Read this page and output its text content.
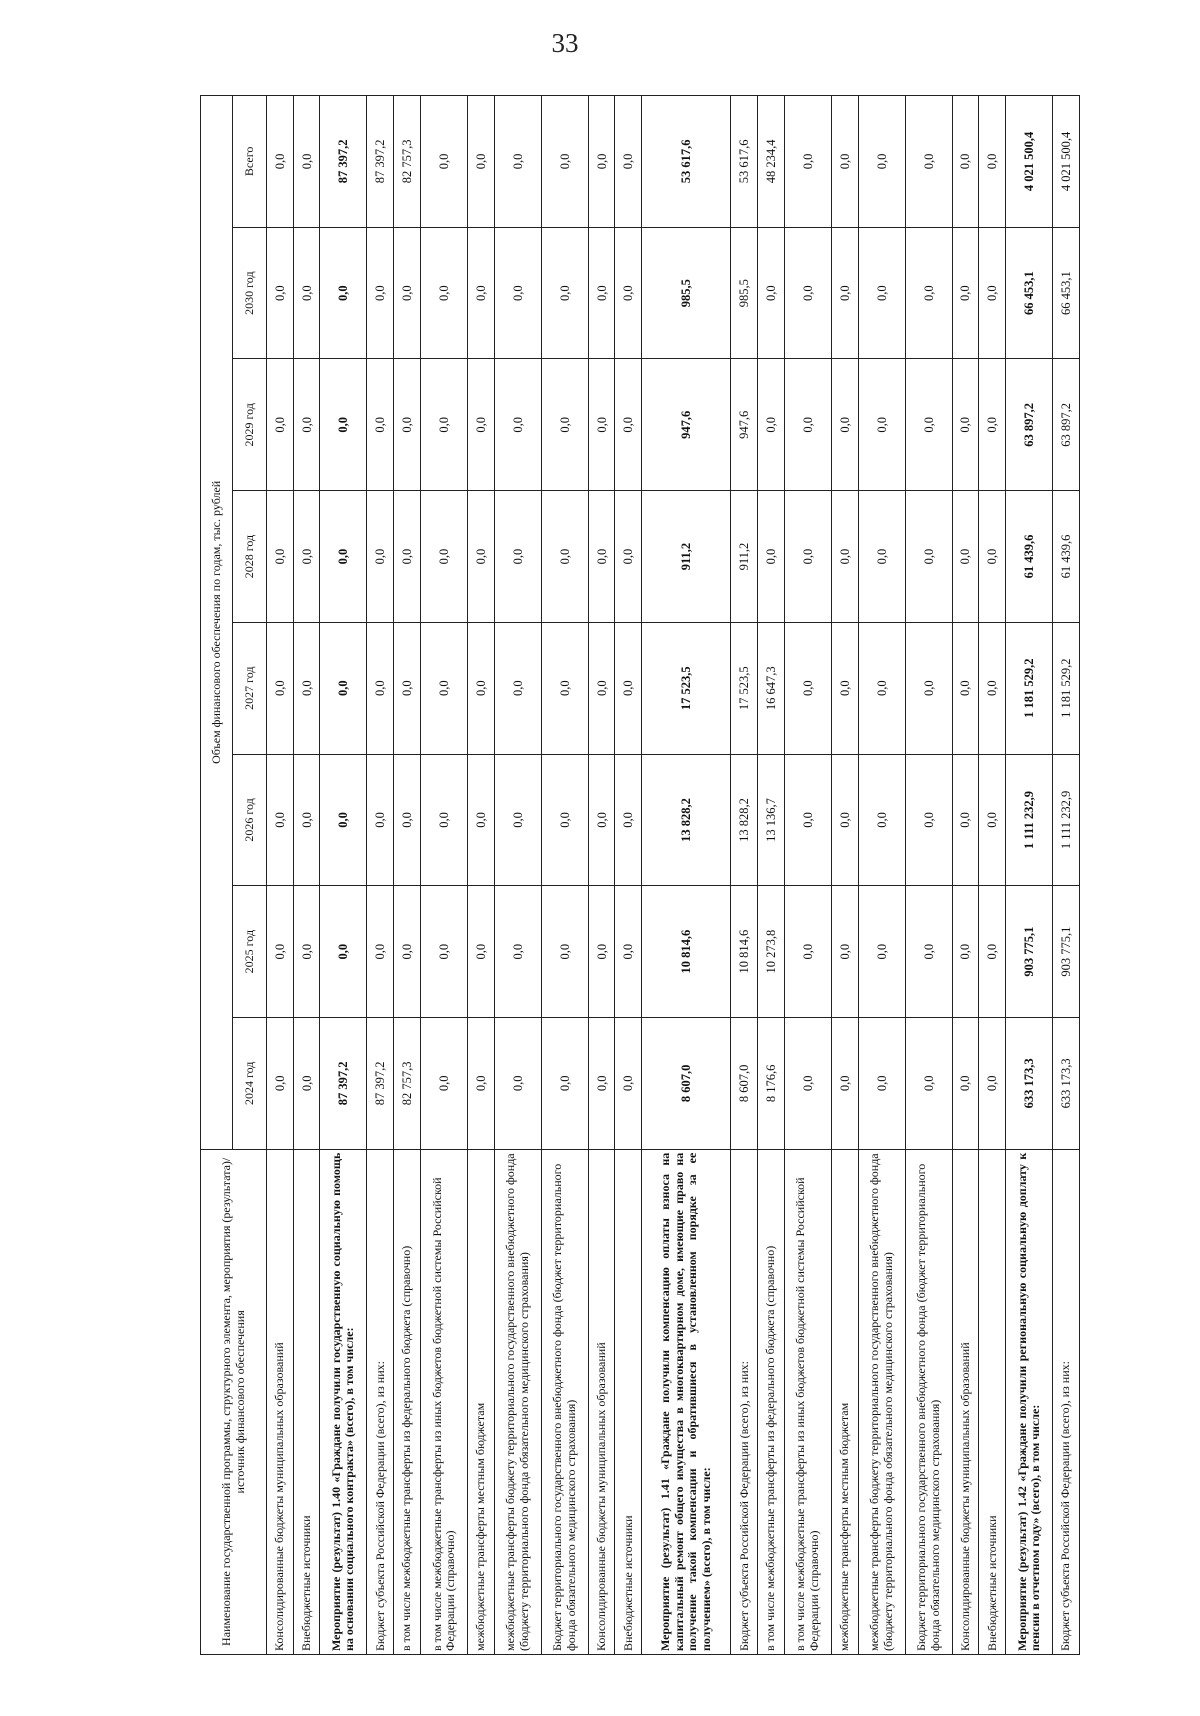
33
Наименование государственной программы, структурного элемента, мероприятия (результата)/источник финансового обеспечения	Объем финансового обеспечения по годам, тыс. рублей							
	2024 год	2025 год	2026 год	2027 год	2028 год	2029 год	2030 год	Всего
Консолидированные бюджеты муниципальных образований	0,0	0,0	0,0	0,0	0,0	0,0	0,0	0,0
Внебюджетные источники	0,0	0,0	0,0	0,0	0,0	0,0	0,0	0,0
Мероприятие (результат) 1.40 «Граждане получили государственную социальную помощь на основании социального контракта» (всего), в том числе:	87 397,2	0,0	0,0	0,0	0,0	0,0	0,0	87 397,2
Бюджет субъекта Российской Федерации (всего), из них:	87 397,2	0,0	0,0	0,0	0,0	0,0	0,0	87 397,2
в том числе межбюджетные трансферты из федерального бюджета (справочно)	82 757,3	0,0	0,0	0,0	0,0	0,0	0,0	82 757,3
в том числе межбюджетные трансферты из иных бюджетов бюджетной системы Российской Федерации (справочно)	0,0	0,0	0,0	0,0	0,0	0,0	0,0	0,0
межбюджетные трансферты местным бюджетам	0,0	0,0	0,0	0,0	0,0	0,0	0,0	0,0
межбюджетные трансферты бюджету территориального государственного внебюджетного фонда (бюджету территориального фонда обязательного медицинского страхования)	0,0	0,0	0,0	0,0	0,0	0,0	0,0	0,0
Бюджет территориального государственного внебюджетного фонда (бюджет территориального фонда обязательного медицинского страхования)	0,0	0,0	0,0	0,0	0,0	0,0	0,0	0,0
Консолидированные бюджеты муниципальных образований	0,0	0,0	0,0	0,0	0,0	0,0	0,0	0,0
Внебюджетные источники	0,0	0,0	0,0	0,0	0,0	0,0	0,0	0,0
Мероприятие (результат) 1.41 «Граждане получили компенсацию оплаты взноса на капитальный ремонт общего имущества в многоквартирном доме, имеющие право на получение такой компенсации и обратившиеся в установленном порядке за ее получением» (всего), в том числе:	8 607,0	10 814,6	13 828,2	17 523,5	911,2	947,6	985,5	53 617,6
Бюджет субъекта Российской Федерации (всего), из них:	8 607,0	10 814,6	13 828,2	17 523,5	911,2	947,6	985,5	53 617,6
в том числе межбюджетные трансферты из федерального бюджета (справочно)	8 176,6	10 273,8	13 136,7	16 647,3	0,0	0,0	0,0	48 234,4
в том числе межбюджетные трансферты из иных бюджетов бюджетной системы Российской Федерации (справочно)	0,0	0,0	0,0	0,0	0,0	0,0	0,0	0,0
межбюджетные трансферты местным бюджетам	0,0	0,0	0,0	0,0	0,0	0,0	0,0	0,0
межбюджетные трансферты бюджету территориального государственного внебюджетного фонда (бюджету территориального фонда обязательного медицинского страхования)	0,0	0,0	0,0	0,0	0,0	0,0	0,0	0,0
Бюджет территориального государственного внебюджетного фонда (бюджет территориального фонда обязательного медицинского страхования)	0,0	0,0	0,0	0,0	0,0	0,0	0,0	0,0
Консолидированные бюджеты муниципальных образований	0,0	0,0	0,0	0,0	0,0	0,0	0,0	0,0
Внебюджетные источники	0,0	0,0	0,0	0,0	0,0	0,0	0,0	0,0
Мероприятие (результат) 1.42 «Граждане получили региональную социальную доплату к пенсии в отчетном году» (всего), в том числе:	633 173,3	903 775,1	1 111 232,9	1 181 529,2	61 439,6	63 897,2	66 453,1	4 021 500,4
Бюджет субъекта Российской Федерации (всего), из них:	633 173,3	903 775,1	1 111 232,9	1 181 529,2	61 439,6	63 897,2	66 453,1	4 021 500,4
